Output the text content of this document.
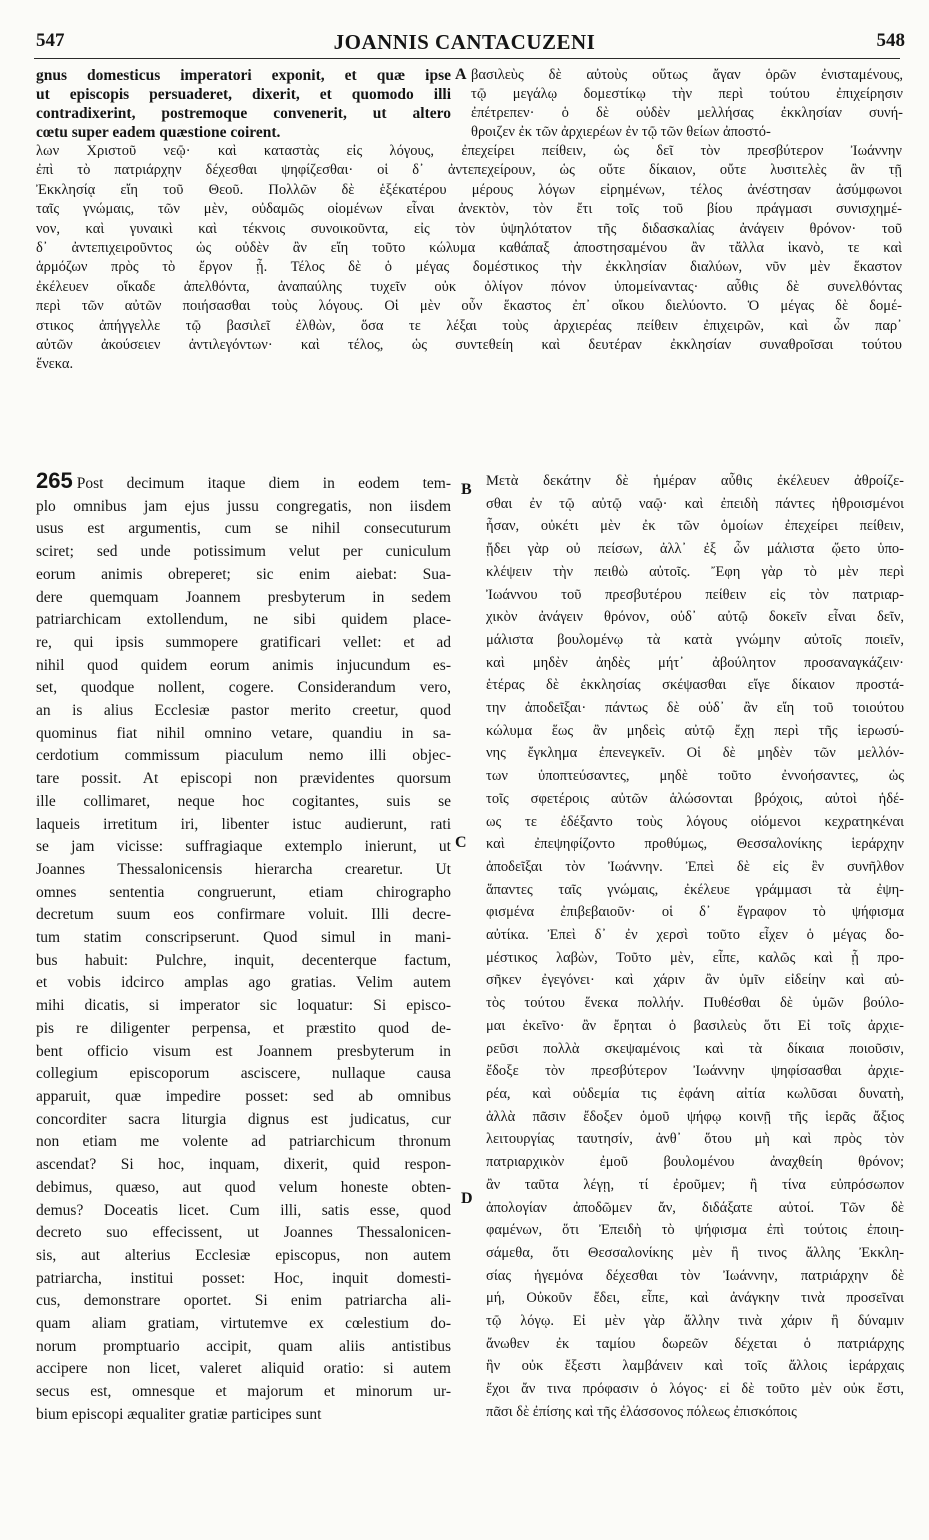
547	JOANNIS CANTACUZENI	548
gnus domesticus imperatori exponit, et quæ ipse
ut episcopis persuaderet, dixerit, et quomodo illi
contradixerint, postremoque convenerit, ut altero
cœtu super eadem quæstione coirent.
βασιλεὺς δὲ αὐτοὺς οὕτως ἄγαν ὁρῶν ἐνισταμένους,
τῷ μεγάλῳ δομεστίκῳ τὴν περὶ τούτου ἐπιχείρησιν
ἐπέτρεπεν· ὁ δὲ οὐδὲν μελλήσας ἐκκλησίαν συνή-
θροιζεν ἐκ τῶν ἀρχιερέων ἐν τῷ τῶν θείων ἀποστό-
λων Χριστοῦ νεῷ· καὶ καταστὰς εἰς λόγους, ἐπεχείρει πείθειν, ὡς δεῖ τὸν πρεσβύτερον Ἰωάννην
ἐπὶ τὸ πατριάρχην δέχεσθαι ψηφίζεσθαι· οἱ δ᾽ ἀντεπεχείρουν, ὡς οὔτε δίκαιον, οὔτε λυσιτελὲς ἂν τῇ
Ἐκκλησίᾳ εἴη τοῦ Θεοῦ. Πολλῶν δὲ ἑξέκατέρου μέρους λόγων εἰρημένων, τέλος ἀνέστησαν ἀσύμφωνοι
ταῖς γνώμαις, τῶν μὲν, οὐδαμῶς οἰομένων εἶναι ἀνεκτὸν, τὸν ἔτι τοῖς τοῦ βίου πράγμασι συνισχημέ-
νον, καὶ γυναικὶ καὶ τέκνοις συνοικοῦντα, εἰς τὸν ὑψηλότατον τῆς διδασκαλίας ἀνάγειν θρόνον· τοῦ
δ᾽ ἀντεπιχειροῦντος ὡς οὐδὲν ἂν εἴη τοῦτο κώλυμα καθάπαξ ἀποστησαμένου ἂν τἄλλα ἱκανὸ, τε καὶ
ἁρμόζων πρὸς τὸ ἔργον ᾖ. Τέλος δὲ ὁ μέγας δομέστικος τὴν ἐκκλησίαν διαλύων, νῦν μὲν ἕκαστον
ἐκέλευεν οἴκαδε ἀπελθόντα, ἀναπαύλης τυχεῖν οὐκ ὀλίγον πόνον ὑπομείναντας· αὖθις δὲ συνελθόντας
περὶ τῶν αὐτῶν ποιήσασθαι τοὺς λόγους. Οἱ μὲν οὖν ἕκαστος ἐπ᾽ οἴκου διελύοντο. Ὁ μέγας δὲ δομέ-
στικος ἀπήγγελλε τῷ βασιλεῖ ἐλθὼν, ὅσα τε λέξαι τοὺς ἀρχιερέας πείθειν ἐπιχειρῶν, καὶ ὧν παρ᾽
αὐτῶν ἀκούσειεν ἀντιλεγόντων· καὶ τέλος, ὡς συντεθείη καὶ δευτέραν ἐκκλησίαν συναθροῖσαι τούτου
ἕνεκα.
265 Post decimum itaque diem in eodem tem-
plo omnibus jam ejus jussu congregatis, non iisdem
usus est argumentis, cum se nihil consecuturum
sciret; sed unde potissimum velut per cuniculum
eorum animis obreperet; sic enim aiebat: Sua-
dere quemquam Joannem presbyterum in sedem
patriarchicam extollendum, ne sibi quidem place-
re, qui ipsis summopere gratificari vellet: et ad
nihil quod quidem eorum animis injucundum es-
set, quodque nollent, cogere. Considerandum vero,
an is alius Ecclesiæ pastor merito creetur, quod
quominus fiat nihil omnino vetare, quandiu in sa-
cerdotium commissum piaculum nemo illi objec-
tare possit. At episcopi non prævidentes quorsum
ille collimaret, neque hoc cogitantes, suis se
laqueis irretitum iri, libenter istuc audierunt, rati
se jam vicisse: suffragiaque extemplo inierunt, ut
Joannes Thessalonicensis hierarcha crearetur. Ut
omnes sententia congruerunt, etiam chirographo
decretum suum eos confirmare voluit. Illi decre-
tum statim conscripserunt. Quod simul in mani-
bus habuit: Pulchre, inquit, decenterque factum,
et vobis idcirco amplas ago gratias. Velim autem
mihi dicatis, si imperator sic loquatur: Si episco-
pis re diligenter perpensa, et præstito quod de-
bent officio visum est Joannem presbyterum in
collegium episcoporum asciscere, nullaque causa
apparuit, quæ impedire posset: sed ab omnibus
concorditer sacra liturgia dignus est judicatus, cur
non etiam me volente ad patriarchicum thronum
ascendat? Si hoc, inquam, dixerit, quid respon-
debimus, quæso, aut quod velum honeste obten-
demus? Doceatis licet. Cum illi, satis esse, quod
decreto suo effecissent, ut Joannes Thessalonicen-
sis, aut alterius Ecclesiæ episcopus, non autem
patriarcha, institui posset: Hoc, inquit domesti-
cus, demonstrare oportet. Si enim patriarcha ali-
quam aliam gratiam, virtutemve ex cœlestium do-
norum promptuario accipit, quam aliis antistibus
accipere non licet, valeret aliquid oratio: si autem
secus est, omnesque et majorum et minorum ur-
bium episcopi æqualiter gratiæ participes sunt
Μετὰ δεκάτην δὲ ἡμέραν αὖθις ἐκέλευεν ἀθροίζε-
σθαι ἐν τῷ αὐτῷ ναῷ· καὶ ἐπειδὴ πάντες ἠθροισμένοι
ἦσαν, οὐκέτι μὲν ἐκ τῶν ὁμοίων ἐπεχείρει πείθειν,
ᾔδει γὰρ οὐ πείσων, ἀλλ᾽ ἐξ ὧν μάλιστα ᾤετο ὑπο-
κλέψειν τὴν πειθὼ αὐτοῖς. Ἔφη γὰρ τὸ μὲν περὶ
Ἰωάννου τοῦ πρεσβυτέρου πείθειν εἰς τὸν πατριαρ-
χικὸν ἀνάγειν θρόνον, οὐδ᾽ αὐτῷ δοκεῖν εἶναι δεῖν,
μάλιστα βουλομένῳ τὰ κατὰ γνώμην αὐτοῖς ποιεῖν,
καὶ μηδὲν ἀηδὲς μήτ᾽ ἀβούλητον προσαναγκάζειν·
ἑτέρας δὲ ἐκκλησίας σκέψασθαι εἴγε δίκαιον προστά-
την ἀποδεῖξαι· πάντως δὲ οὐδ᾽ ἂν εἴη τοῦ τοιούτου
κώλυμα ἕως ἂν μηδεὶς αὐτῷ ἔχῃ περὶ τῆς ἱερωσύ-
νης ἔγκλημα ἐπενεγκεῖν. Οἱ δὲ μηδὲν τῶν μελλόν-
των ὑποπτεύσαντες, μηδὲ τοῦτο ἐννοήσαντες, ὡς
τοῖς σφετέροις αὐτῶν ἁλώσονται βρόχοις, αὐτοὶ ἡδέ-
ως τε ἐδέξαντο τοὺς λόγους οἰόμενοι κεχρατηκέναι
καὶ ἐπεψηφίζοντο προθύμως, Θεσσαλονίκης ἱεράρχην
ἀποδεῖξαι τὸν Ἰωάννην. Ἐπεὶ δὲ εἰς ἓν συνῆλθον
ἅπαντες ταῖς γνώμαις, ἐκέλευε γράμμασι τὰ ἐψη-
φισμένα ἐπιβεβαιοῦν· οἱ δ᾽ ἔγραφον τὸ ψήφισμα
αὐτίκα. Ἐπεὶ δ᾽ ἐν χερσὶ τοῦτο εἶχεν ὁ μέγας δο-
μέστικος λαβὼν, Τοῦτο μὲν, εἶπε, καλῶς καὶ ᾗ προ-
σῆκεν ἐγεγόνει· καὶ χάριν ἂν ὑμῖν εἰδείην καὶ αὐ-
τὸς τούτου ἕνεκα πολλήν. Πυθέσθαι δὲ ὑμῶν βούλο-
μαι ἐκεῖνο· ἂν ἔρηται ὁ βασιλεὺς ὅτι Εἰ τοῖς ἀρχιε-
ρεῦσι πολλὰ σκεψαμένοις καὶ τὰ δίκαια ποιοῦσιν,
ἔδοξε τὸν πρεσβύτερον Ἰωάννην ψηφίσασθαι ἀρχιε-
ρέα, καὶ οὐδεμία τις ἐφάνη αἰτία κωλῦσαι δυνατὴ,
ἀλλὰ πᾶσιν ἔδοξεν ὁμοῦ ψήφῳ κοινῇ τῆς ἱερᾶς ἄξιος
λειτουργίας ταυτησίν, ἀνθ᾽ ὅτου μὴ καὶ πρὸς τὸν
πατριαρχικὸν ἐμοῦ βουλομένου ἀναχθείη θρόνον;
ἂν ταῦτα λέγῃ, τί ἐροῦμεν; ἢ τίνα εὐπρόσωπον
ἀπολογίαν ἀποδῶμεν ἄν, διδάξατε αὐτοί. Τῶν δὲ
φαμένων, ὅτι Ἐπειδὴ τὸ ψήφισμα ἐπὶ τούτοις ἐποιη-
σάμεθα, ὅτι Θεσσαλονίκης μὲν ἢ τινος ἄλλης Ἐκκλη-
σίας ἡγεμόνα δέχεσθαι τὸν Ἰωάννην, πατριάρχην δὲ
μή, Οὐκοῦν ἔδει, εἶπε, καὶ ἀνάγκην τινὰ προσεῖναι
τῷ λόγῳ. Εἰ μὲν γὰρ ἄλλην τινὰ χάριν ἢ δύναμιν
ἄνωθεν ἐκ ταμίου δωρεῶν δέχεται ὁ πατριάρχης
ἣν οὐκ ἔξεστι λαμβάνειν καὶ τοῖς ἄλλοις ἱεράρχαις
ἔχοι ἄν τινα πρόφασιν ὁ λόγος· εἰ δὲ τοῦτο μὲν οὐκ ἔστι,
πᾶσι δὲ ἐπίσης καὶ τῆς ἐλάσσονος πόλεως ἐπισκόποις
A
B
C
D
